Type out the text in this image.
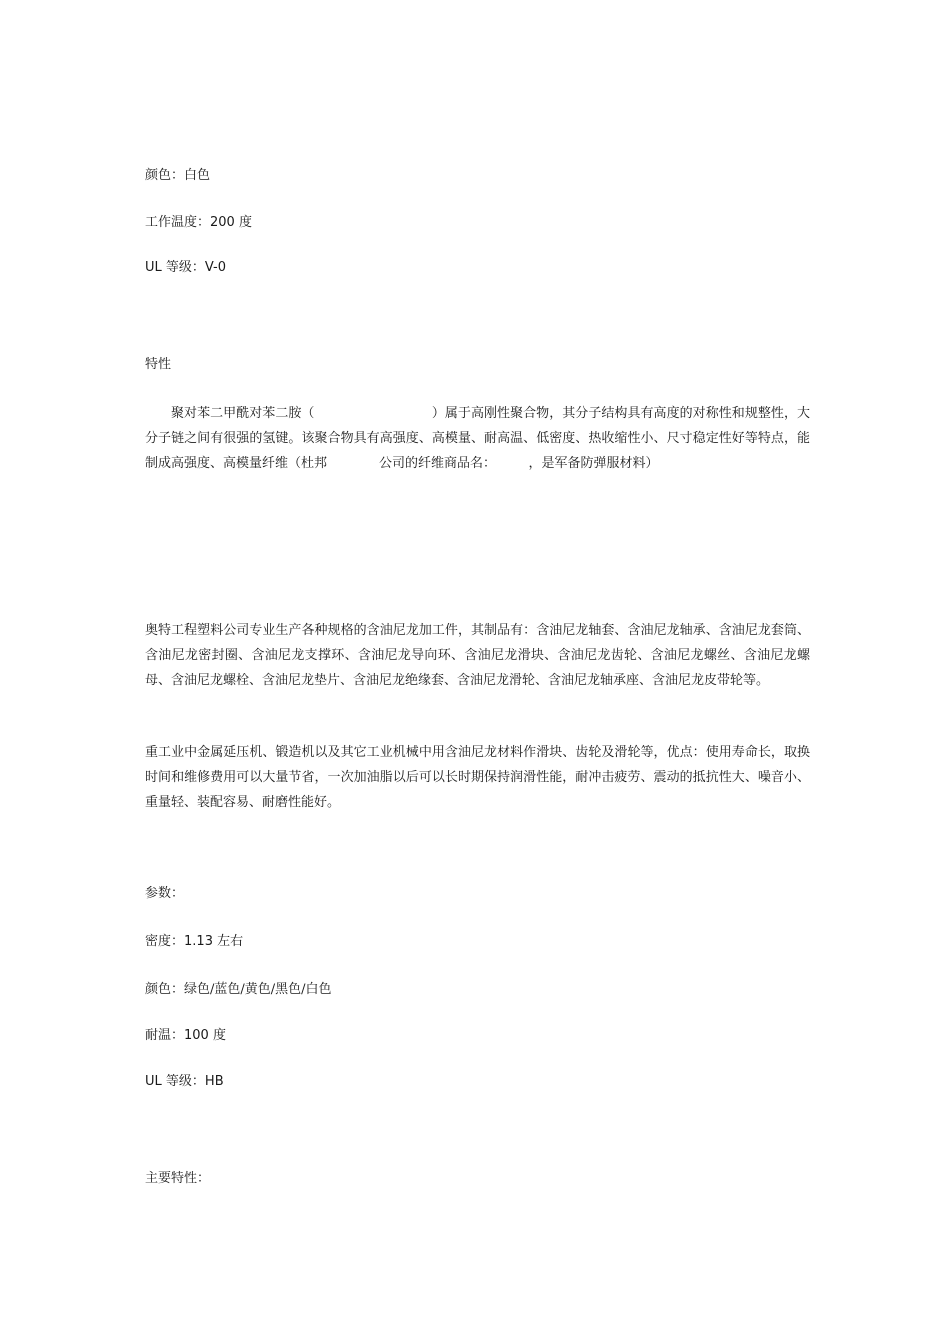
颜色：白色

工作温度：200 度

UL 等级：V-0

特性

聚对苯二甲酰对苯二胺（　　　　　　　　　）属于高刚性聚合物，其分子结构具有高度的对称性和规整性，大分子链之间有很强的氢键。该聚合物具有高强度、高模量、耐高温、低密度、热收缩性小、尺寸稳定性好等特点，能制成高强度、高模量纤维（杜邦　　　　公司的纤维商品名：　　　，是军备防弹服材料）

奥特工程塑料公司专业生产各种规格的含油尼龙加工件，其制品有：含油尼龙轴套、含油尼龙轴承、含油尼龙套筒、含油尼龙密封圈、含油尼龙支撑环、含油尼龙导向环、含油尼龙滑块、含油尼龙齿轮、含油尼龙螺丝、含油尼龙螺母、含油尼龙螺栓、含油尼龙垫片、含油尼龙绝缘套、含油尼龙滑轮、含油尼龙轴承座、含油尼龙皮带轮等。

重工业中金属延压机、锻造机以及其它工业机械中用含油尼龙材料作滑块、齿轮及滑轮等，优点：使用寿命长，取换时间和维修费用可以大量节省，一次加油脂以后可以长时期保持润滑性能，耐冲击疲劳、震动的抵抗性大、噪音小、重量轻、装配容易、耐磨性能好。

参数：

密度：1.13 左右

颜色：绿色/蓝色/黄色/黑色/白色

耐温：100 度

UL 等级：HB

主要特性：
